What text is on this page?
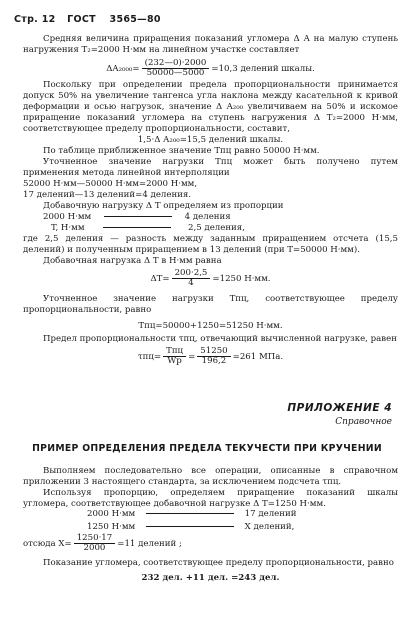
Стр. 12 ГОСТ 3565—80

Средняя величина приращения показаний угломера Δ A на малую ступень нагружения T₂=2000 Н·мм на линейном участке составляет

$\Delta A_{2000}= \frac{(232—0)\cdot 2000}{50000—5000} =10,3$ делений шкалы.

Поскольку при определении предела пропорциональности принимается допуск 50% на увеличение тангенса угла наклона между касательной к кривой деформации и осью нагрузок, значение Δ A₂₀₀ увеличиваем на 50% и искомое приращение показаний угломера на ступень нагружения Δ T₂=2000 Н·мм, соответствующее пределу пропорциональности, составит,

1,5·Δ A₂₀₀=15,5 делений шкалы.

По таблице приближенное значение Tпц равно 50000 Н·мм.

Уточненное значение нагрузки Tпц может быть получено путем применения метода линейной интерполяции

52000 Н·мм—50000 Н·мм=2000 Н·мм,

17 делений—13 делений=4 деления.

Добавочную нагрузку Δ T определяем из пропорции

2000 Н·мм	4 деления
T, Н·мм	2,5 деления,

где 2,5 деления — разность между заданным приращением отсчета (15,5 делений) и полученным приращением в 13 делений (при T=50000 Н·мм).

Добавочная нагрузка Δ T в Н·мм равна

$\Delta T= \frac{200\cdot 2,5}{4} =1250$ Н·мм.

Уточненное значение нагрузки Tпц, соответствующее пределу пропорциональности, равно

Tпц=50000+1250=51250 Н·мм.

Предел пропорциональности τпц, отвечающий вычисленной нагрузке, равен

$\tau пц= \frac{\text{Tпц}}{Wр} = \frac{51250}{196,2} =261$ МПа.
ПРИЛОЖЕНИЕ 4
Справочное
ПРИМЕР ОПРЕДЕЛЕНИЯ ПРЕДЕЛА ТЕКУЧЕСТИ ПРИ КРУЧЕНИИ

Выполняем последовательно все операции, описанные в справочном приложении 3 настоящего стандарта, за исключением подсчета τпц.

Используя пропорцию, определяем приращение показаний шкалы угломера, соответствующее добавочной нагрузке Δ T=1250 Н·мм.

2000 Н·мм	17 делений
1250 Н·мм	X делений,
отсюда $X= \frac{1250\cdot 17}{2000} =11$ делений ;

Показание угломера, соответствующее пределу пропорциональности, равно

232 дел. +11 дел. =243 дел.
